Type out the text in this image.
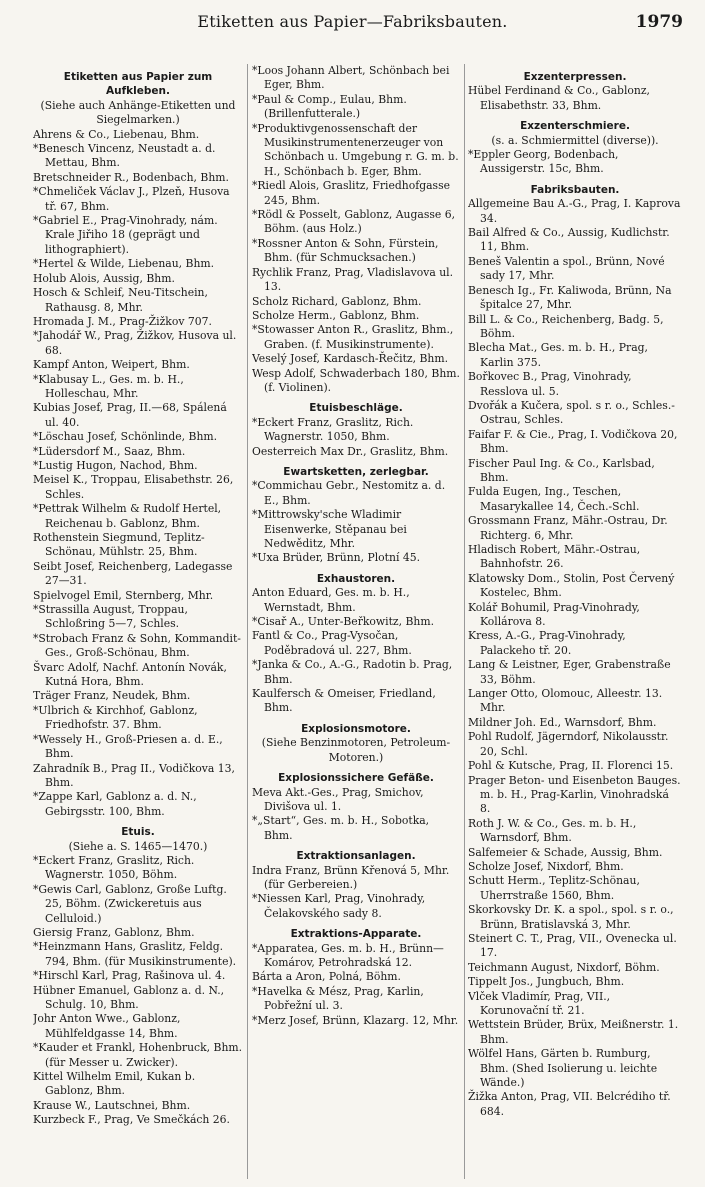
Etiketten aus Papier—Fabriksbauten.	1979
Etiketten aus Papier zum Aufkleben.
(Siehe auch Anhänge-Etiketten und Siegelmarken.)
Ahrens & Co., Liebenau, Bhm.
*Benesch Vincenz, Neustadt a. d. Mettau, Bhm.
Bretschneider R., Bodenbach, Bhm.
*Chmeliček Václav J., Plzeň, Husova tř. 67, Bhm.
*Gabriel E., Prag-Vinohrady, nám. Krale Jiřiho 18 (geprägt und lithographiert).
*Hertel & Wilde, Liebenau, Bhm.
Holub Alois, Aussig, Bhm.
Hosch & Schleif, Neu-Titschein, Rathausg. 8, Mhr.
Hromada J. M., Prag-Žižkov 707.
*Jahodář W., Prag, Žižkov, Husova ul. 68.
Kampf Anton, Weipert, Bhm.
*Klabusay L., Ges. m. b. H., Holleschau, Mhr.
Kubias Josef, Prag, II.—68, Spálená ul. 40.
*Löschau Josef, Schönlinde, Bhm.
*Lüdersdorf M., Saaz, Bhm.
*Lustig Hugon, Nachod, Bhm.
Meisel K., Troppau, Elisabethstr. 26, Schles.
*Pettrak Wilhelm & Rudolf Hertel, Reichenau b. Gablonz, Bhm.
Rothenstein Siegmund, Teplitz-Schönau, Mühlstr. 25, Bhm.
Seibt Josef, Reichenberg, Ladegasse 27—31.
Spielvogel Emil, Sternberg, Mhr.
*Strassilla August, Troppau, Schloßring 5—7, Schles.
*Strobach Franz & Sohn, Kommandit-Ges., Groß-Schönau, Bhm.
Švarc Adolf, Nachf. Antonín Novák, Kutná Hora, Bhm.
Träger Franz, Neudek, Bhm.
*Ulbrich & Kirchhof, Gablonz, Friedhofstr. 37. Bhm.
*Wessely H., Groß-Priesen a. d. E., Bhm.
Zahradník B., Prag II., Vodičkova 13, Bhm.
*Zappe Karl, Gablonz a. d. N., Gebirgsstr. 100, Bhm.
Etuis.
(Siehe a. S. 1465—1470.)
*Eckert Franz, Graslitz, Rich. Wagnerstr. 1050, Böhm.
*Gewis Carl, Gablonz, Große Luftg. 25, Böhm. (Zwickeretuis aus Celluloid.)
Giersig Franz, Gablonz, Bhm.
*Heinzmann Hans, Graslitz, Feldg. 794, Bhm. (für Musikinstrumente).
*Hirschl Karl, Prag, Rašinova ul. 4.
Hübner Emanuel, Gablonz a. d. N., Schulg. 10, Bhm.
Johr Anton Wwe., Gablonz, Mühlfeldgasse 14, Bhm.
*Kauder et Frankl, Hohenbruck, Bhm. (für Messer u. Zwicker).
Kittel Wilhelm Emil, Kukan b. Gablonz, Bhm.
Krause W., Lautschnei, Bhm.
Kurzbeck F., Prag, Ve Smečkách 26.
*Loos Johann Albert, Schönbach bei Eger, Bhm.
*Paul & Comp., Eulau, Bhm. (Brillenfutterale.)
*Produktivgenossenschaft der Musikinstrumentenerzeuger von Schönbach u. Umgebung r. G. m. b. H., Schönbach b. Eger, Bhm.
*Riedl Alois, Graslitz, Friedhofgasse 245, Bhm.
*Rödl & Posselt, Gablonz, Augasse 6, Böhm. (aus Holz.)
*Rossner Anton & Sohn, Fürstein, Bhm. (für Schmucksachen.)
Rychlik Franz, Prag, Vladislavova ul. 13.
Scholz Richard, Gablonz, Bhm.
Scholze Herm., Gablonz, Bhm.
*Stowasser Anton R., Graslitz, Bhm., Graben. (f. Musikinstrumente).
Veselý Josef, Kardasch-Řečitz, Bhm.
Wesp Adolf, Schwaderbach 180, Bhm. (f. Violinen).
Etuisbeschläge.
*Eckert Franz, Graslitz, Rich. Wagnerstr. 1050, Bhm.
Oesterreich Max Dr., Graslitz, Bhm.
Ewartsketten, zerlegbar.
*Commichau Gebr., Nestomitz a. d. E., Bhm.
*Mittrowsky'sche Wladimir Eisenwerke, Stěpanau bei Nedwěditz, Mhr.
*Uxa Brüder, Brünn, Plotní 45.
Exhaustoren.
Anton Eduard, Ges. m. b. H., Wernstadt, Bhm.
*Cisař A., Unter-Beřkowitz, Bhm.
Fantl & Co., Prag-Vysočan, Poděbradová ul. 227, Bhm.
*Janka & Co., A.-G., Radotin b. Prag, Bhm.
Kaulfersch & Omeiser, Friedland, Bhm.
Explosionsmotore.
(Siehe Benzinmotoren, Petroleum-Motoren.)
Explosionssichere Gefäße.
Meva Akt.-Ges., Prag, Smichov, Divišova ul. 1.
*„Start“, Ges. m. b. H., Sobotka, Bhm.
Extraktionsanlagen.
Indra Franz, Brünn Křenová 5, Mhr. (für Gerbereien.)
*Niessen Karl, Prag, Vinohrady, Čelakovského sady 8.
Extraktions-Apparate.
*Apparatea, Ges. m. b. H., Brünn—Komárov, Petrohradská 12.
Bárta a Aron, Polná, Böhm.
*Havelka & Mész, Prag, Karlin, Pobřežní ul. 3.
*Merz Josef, Brünn, Klazarg. 12, Mhr.
Exzenterpressen.
Hübel Ferdinand & Co., Gablonz, Elisabethstr. 33, Bhm.
Exzenterschmiere.
(s. a. Schmiermittel (diverse)).
*Eppler Georg, Bodenbach, Aussigerstr. 15c, Bhm.
Fabriksbauten.
Allgemeine Bau A.-G., Prag, I. Kaprova 34.
Bail Alfred & Co., Aussig, Kudlichstr. 11, Bhm.
Beneš Valentin a spol., Brünn, Nové sady 17, Mhr.
Benesch Ig., Fr. Kaliwoda, Brünn, Na špitalce 27, Mhr.
Bill L. & Co., Reichenberg, Badg. 5, Böhm.
Blecha Mat., Ges. m. b. H., Prag, Karlin 375.
Bořkovec B., Prag, Vinohrady, Resslova ul. 5.
Dvořák a Kučera, spol. s r. o., Schles.-Ostrau, Schles.
Faifar F. & Cie., Prag, I. Vodičkova 20, Bhm.
Fischer Paul Ing. & Co., Karlsbad, Bhm.
Fulda Eugen, Ing., Teschen, Masarykallee 14, Čech.-Schl.
Grossmann Franz, Mähr.-Ostrau, Dr. Richterg. 6, Mhr.
Hladisch Robert, Mähr.-Ostrau, Bahnhofstr. 26.
Klatowsky Dom., Stolin, Post Červený Kostelec, Bhm.
Kolář Bohumil, Prag-Vinohrady, Kollárova 8.
Kress, A.-G., Prag-Vinohrady, Palackeho tř. 20.
Lang & Leistner, Eger, Grabenstraße 33, Böhm.
Langer Otto, Olomouc, Alleestr. 13. Mhr.
Mildner Joh. Ed., Warnsdorf, Bhm.
Pohl Rudolf, Jägerndorf, Nikolausstr. 20, Schl.
Pohl & Kutsche, Prag, II. Florenci 15.
Prager Beton- und Eisenbeton Bauges. m. b. H., Prag-Karlin, Vinohradská 8.
Roth J. W. & Co., Ges. m. b. H., Warnsdorf, Bhm.
Salfemeier & Schade, Aussig, Bhm.
Scholze Josef, Nixdorf, Bhm.
Schutt Herm., Teplitz-Schönau, Uherrstraße 1560, Bhm.
Skorkovsky Dr. K. a spol., spol. s r. o., Brünn, Bratislavská 3, Mhr.
Steinert C. T., Prag, VII., Ovenecka ul. 17.
Teichmann August, Nixdorf, Böhm.
Tippelt Jos., Jungbuch, Bhm.
Vlček Vladimír, Prag, VII., Korunovační tř. 21.
Wettstein Brüder, Brüx, Meißnerstr. 1. Bhm.
Wölfel Hans, Gärten b. Rumburg, Bhm. (Shed Isolierung u. leichte Wände.)
Žižka Anton, Prag, VII. Belcrédiho tř. 684.
